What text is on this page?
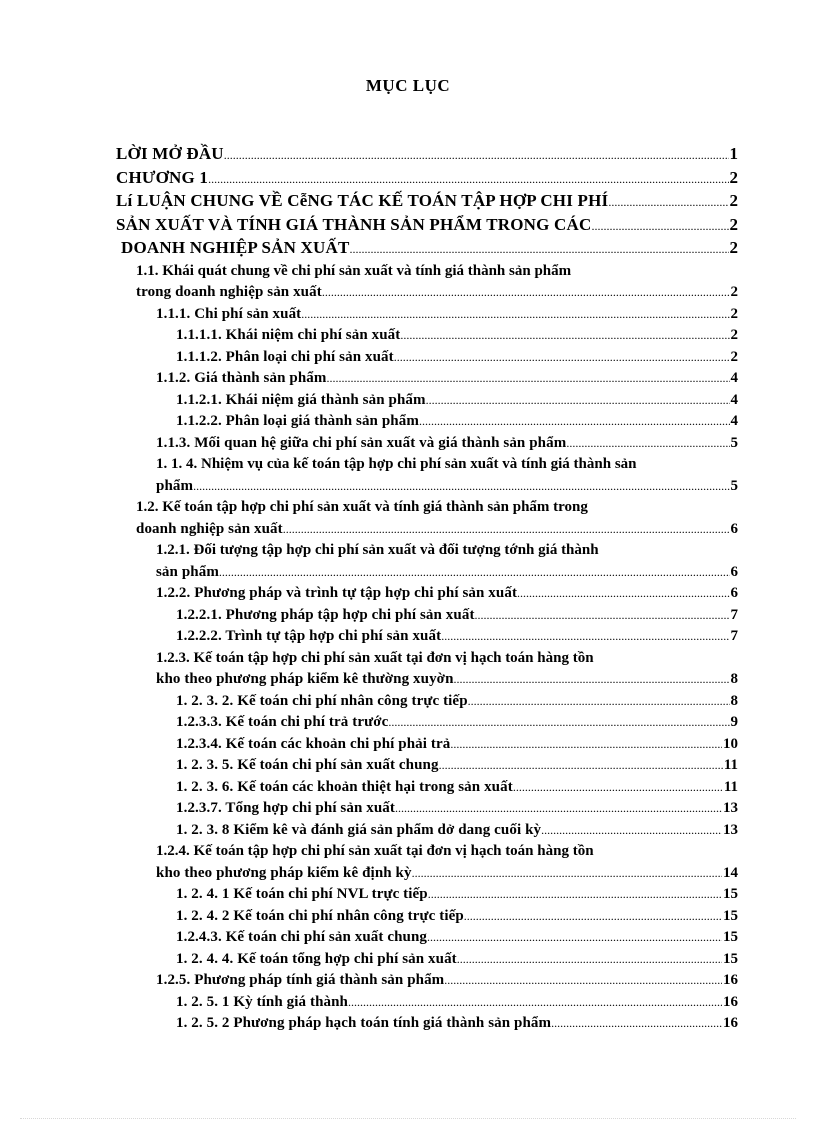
MỤC LỤC
LỜI MỞ ĐẦU .....	1
CHƯƠNG 1 .....	2
Lí LUẬN CHUNG VỀ CễNG TÁC KẾ TOÁN TẬP HỢP CHI PHÍ .....	2
SẢN XUẤT VÀ TÍNH GIÁ THÀNH SẢN PHẨM TRONG CÁC .....	2
DOANH NGHIỆP SẢN XUẤT .....	2
1.1. Khái quát chung về chi phí sản xuất và tính giá thành sản phẩm
trong doanh nghiệp sản xuất .....	2
1.1.1. Chi phí sản xuất .....	2
1.1.1.1. Khái niệm chi phí sản xuất .....	2
1.1.1.2. Phân loại chi phí sản xuất .....	2
1.1.2. Giá thành sản phẩm .....	4
1.1.2.1. Khái niệm giá thành sản phẩm .....	4
1.1.2.2. Phân loại giá thành sản phẩm .....	4
1.1.3. Mối quan hệ giữa chi phí sản xuất và giá thành sản phẩm .....	5
1. 1. 4. Nhiệm vụ của kế toán tập hợp chi phí sản xuất và tính giá thành sản
phẩm .....	5
1.2. Kế toán tập hợp chi phí sản xuất và tính giá thành sản phẩm trong
doanh nghiệp sản xuất .....	6
1.2.1. Đối tượng tập hợp chi phí sản xuất và đối tượng tớnh giá thành
sản phẩm .....	6
1.2.2. Phương pháp và trình tự tập hợp chi phí sản xuất .....	6
1.2.2.1. Phương pháp tập hợp chi phí sản xuất .....	7
1.2.2.2. Trình tự tập hợp chi phí sản xuất .....	7
1.2.3. Kế toán tập hợp chi phí sản xuất tại đơn vị hạch toán hàng tồn
kho theo phương pháp kiểm kê thường xuyờn .....	8
1. 2. 3. 2. Kế toán chi phí nhân công trực tiếp .....	8
1.2.3.3. Kế toán chi phí trả trước .....	9
1.2.3.4. Kế toán các khoản chi phí phải trả .....	10
1. 2. 3. 5. Kế toán chi phí sản xuất chung .....	11
1. 2. 3. 6. Kế toán các khoản thiệt hại trong sản xuất .....	11
1.2.3.7. Tổng hợp chi phí sản xuất .....	13
1. 2. 3. 8 Kiểm kê và đánh giá sản phẩm dở dang cuối kỳ .....	13
1.2.4. Kế toán tập hợp chi phí sản xuất tại đơn vị hạch toán hàng tồn
kho theo phương pháp kiểm kê định kỳ .....	14
1. 2. 4. 1 Kế toán chi phí NVL trực tiếp .....	15
1. 2. 4. 2 Kế toán chi phí nhân công trực tiếp .....	15
1.2.4.3. Kế toán chi phí sản xuất chung .....	15
1. 2. 4. 4. Kế toán tổng hợp chi phí sản xuất .....	15
1.2.5. Phương pháp tính giá thành sản phẩm .....	16
1. 2. 5. 1 Kỳ tính giá thành .....	16
1. 2. 5. 2 Phương pháp hạch toán tính giá thành sản phẩm .....	16
